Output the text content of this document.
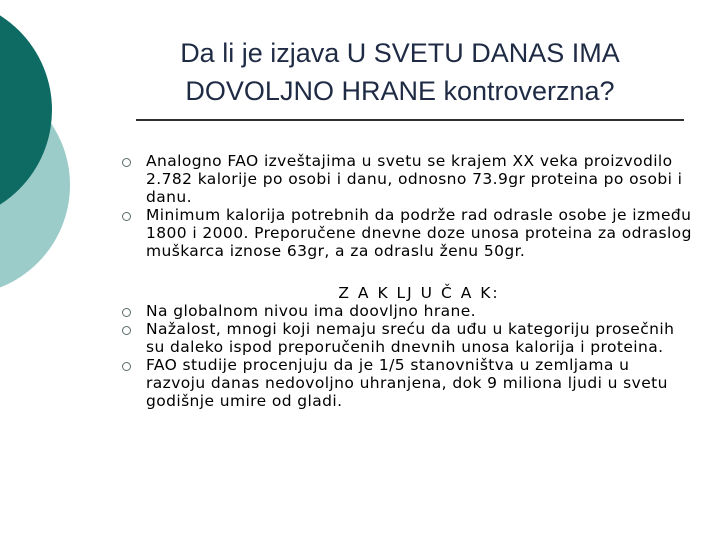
Da li je izjava U SVETU DANAS IMA
DOVOLJNO HRANE kontroverzna?
Analogno FAO izveštajima u svetu se krajem XX veka proizvodilo 2.782 kalorije po osobi i danu, odnosno 73.9gr proteina po osobi i danu.
Minimum kalorija potrebnih da podrže rad odrasle osobe je između 1800 i 2000. Preporučene dnevne doze unosa proteina za odraslog muškarca iznose 63gr, a za odraslu ženu 50gr.
Z A K LJ U Č A K:
Na globalnom nivou ima doovljno hrane.
Nažalost, mnogi koji nemaju sreću da uđu u kategoriju prosečnih su daleko ispod preporučenih dnevnih unosa kalorija i proteina.
FAO studije procenjuju da je 1/5 stanovništva u zemljama u razvoju danas nedovoljno uhranjena, dok 9 miliona ljudi u svetu godišnje umire od gladi.
